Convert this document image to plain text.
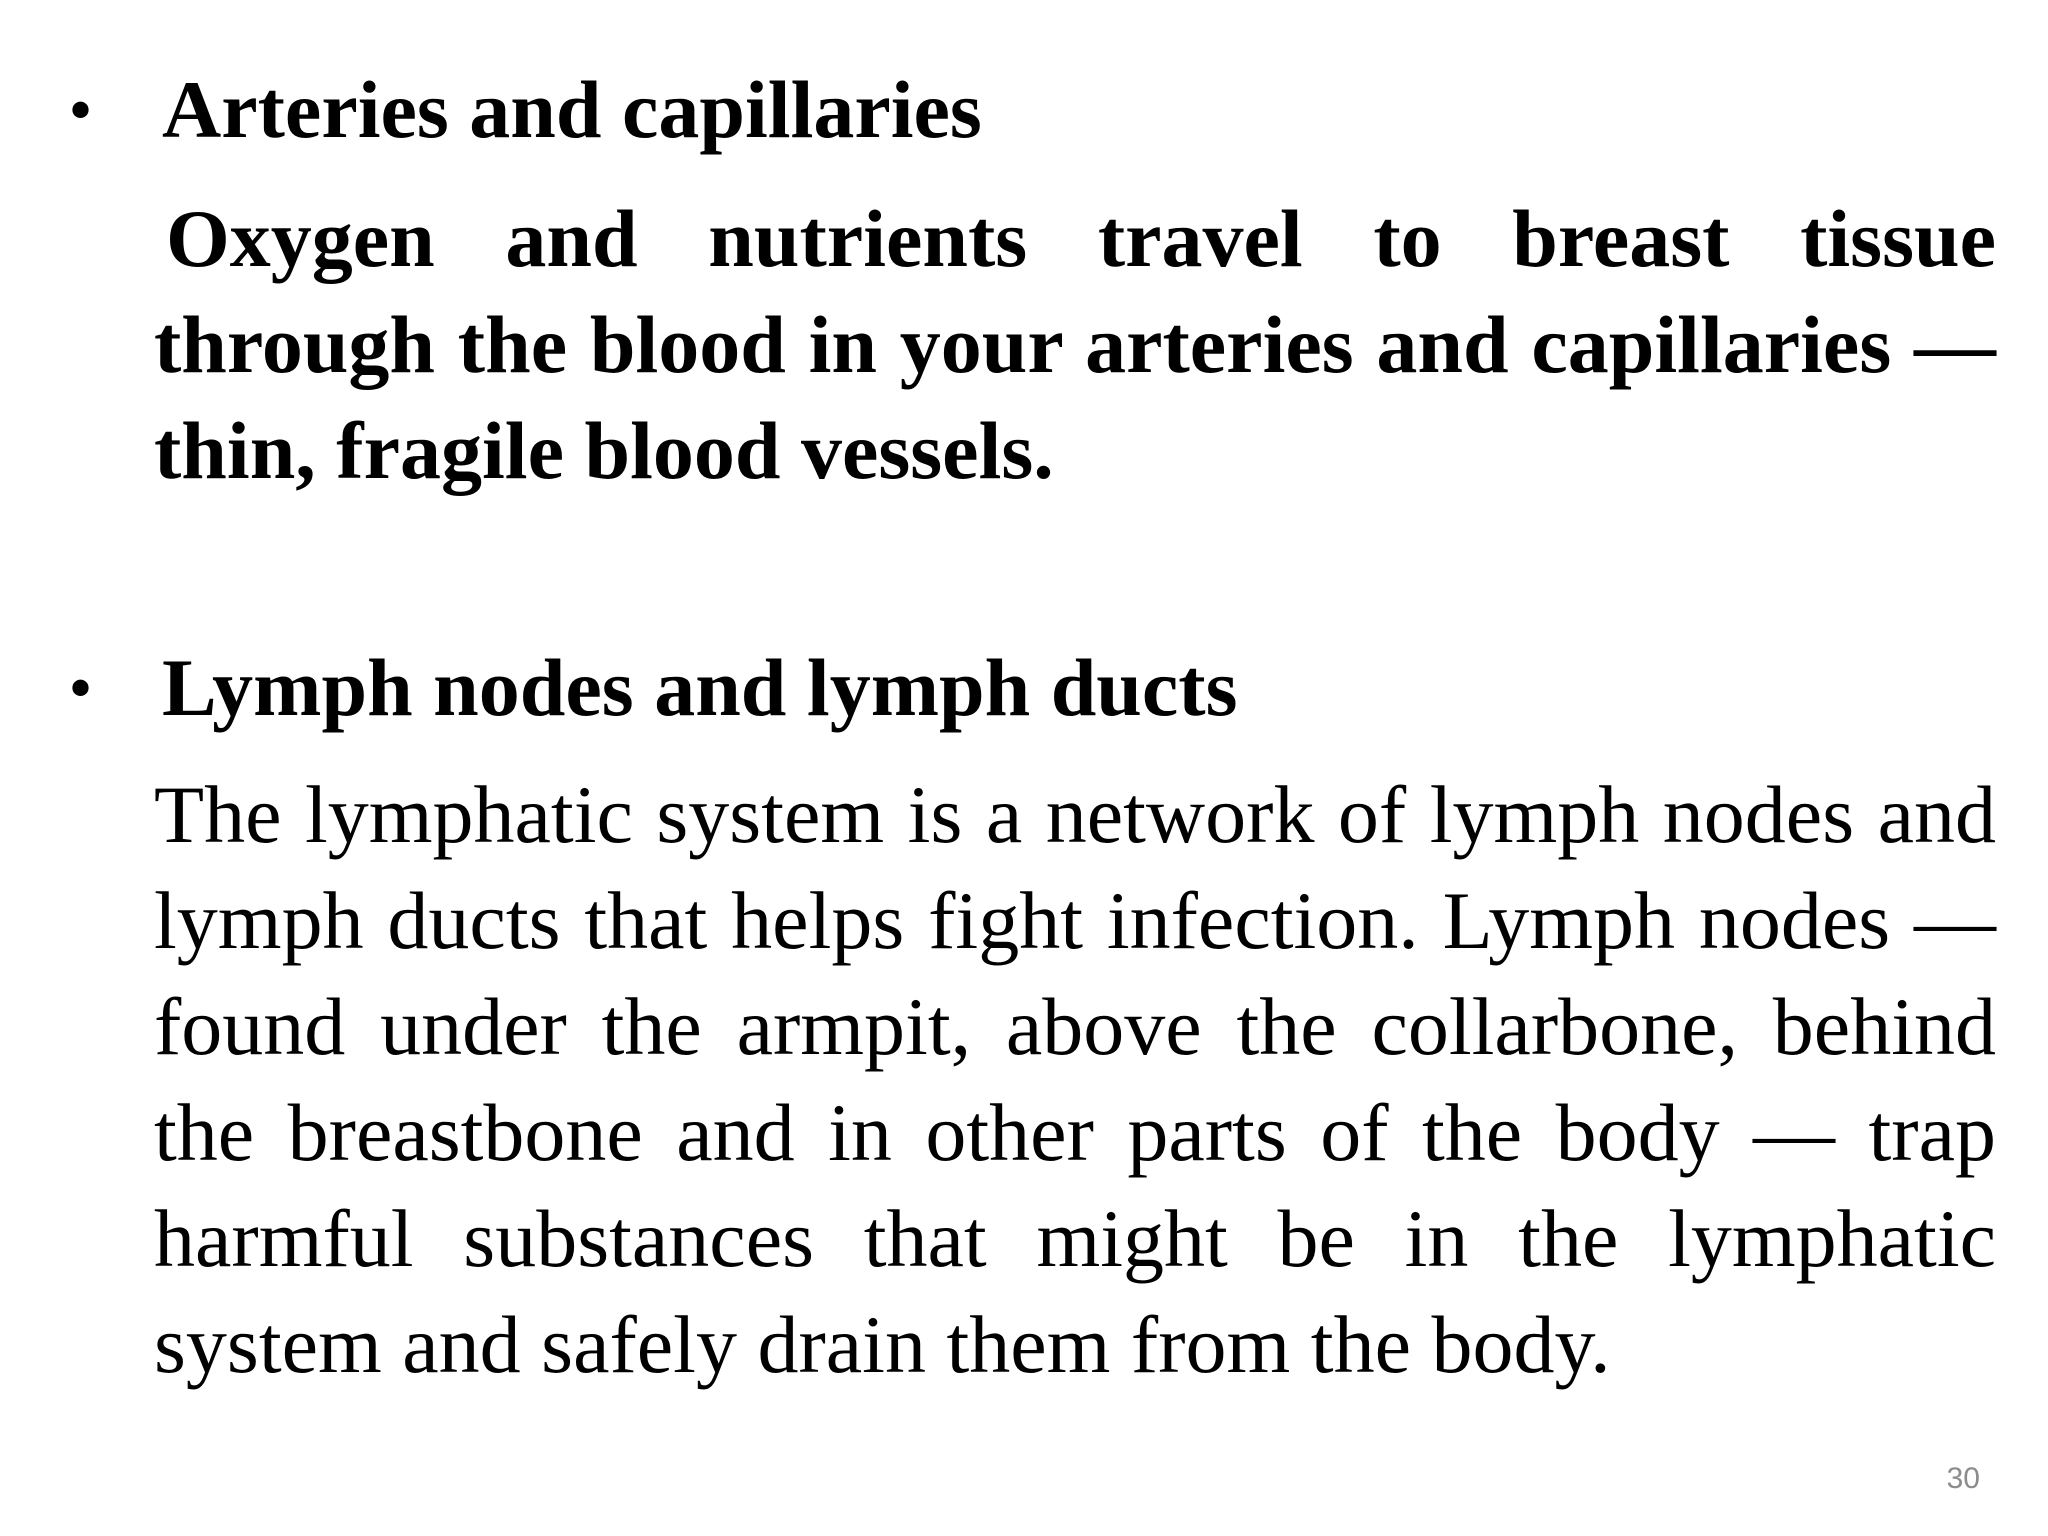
• Arteries and capillaries

Oxygen and nutrients travel to breast tissue through the blood in your arteries and capillaries — thin, fragile blood vessels.

• Lymph nodes and lymph ducts

The lymphatic system is a network of lymph nodes and lymph ducts that helps fight infection. Lymph nodes — found under the armpit, above the collarbone, behind the breastbone and in other parts of the body — trap harmful substances that might be in the lymphatic system and safely drain them from the body.

30
